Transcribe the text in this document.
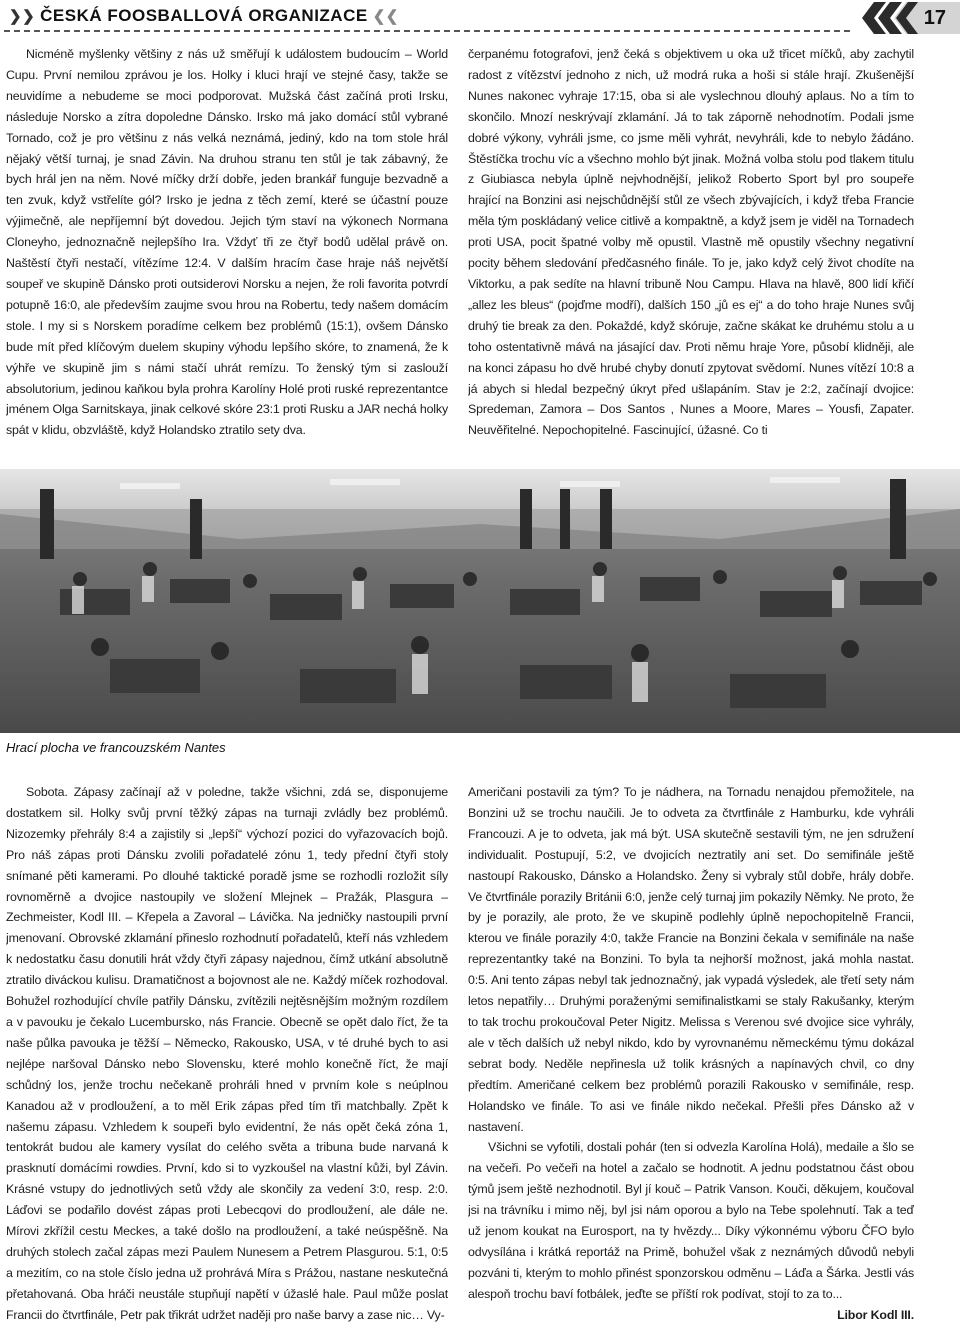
❯❯ ČESKÁ FOOSBALLOVÁ ORGANIZACE ❮❮	17

Nicméně myšlenky většiny z nás už směřují k událostem budoucím – World Cupu. První nemilou zprávou je los. Holky i kluci hrají ve stejné časy, takže se neuvidíme a nebudeme se moci podporovat. Mužská část začíná proti Irsku, následuje Norsko a zítra dopoledne Dánsko. Irsko má jako domácí stůl vybrané Tornado, což je pro většinu z nás velká neznámá, jediný, kdo na tom stole hrál nějaký větší turnaj, je snad Závin. Na druhou stranu ten stůl je tak zábavný, že bych hrál jen na něm. Nové míčky drží dobře, jeden brankář funguje bezvadně a ten zvuk, když vstřelíte gól? Irsko je jedna z těch zemí, které se účastní pouze výjimečně, ale nepříjemní být dovedou. Jejich tým staví na výkonech Normana Cloneyho, jednoznačně nejlepšího Ira. Vždyť tři ze čtyř bodů udělal právě on. Naštěstí čtyři nestačí, vítězíme 12:4. V dalším hracím čase hraje náš největší soupeř ve skupině Dánsko proti outsiderovi Norsku a nejen, že roli favorita potvrdí potupně 16:0, ale především zaujme svou hrou na Robertu, tedy našem domácím stole. I my si s Norskem poradíme celkem bez problémů (15:1), ovšem Dánsko bude mít před klíčovým duelem skupiny výhodu lepšího skóre, to znamená, že k výhře ve skupině jim s námi stačí uhrát remízu. To ženský tým si zaslouží absolutorium, jedinou kaňkou byla prohra Karolíny Holé proti ruské reprezentantce jménem Olga Sarnitskaya, jinak celkové skóre 23:1 proti Rusku a JAR nechá holky spát v klidu, obzvláště, když Holandsko ztratilo sety dva.

čerpanému fotografovi, jenž čeká s objektivem u oka už třicet míčků, aby zachytil radost z vítězství jednoho z nich, už modrá ruka a hoši si stále hrají. Zkušenější Nunes nakonec vyhraje 17:15, oba si ale vyslechnou dlouhý aplaus. No a tím to skončilo. Mnozí neskrývají zklamání. Já to tak záporně nehodnotím. Podali jsme dobré výkony, vyhráli jsme, co jsme měli vyhrát, nevyhráli, kde to nebylo žádáno. Štěstíčka trochu víc a všechno mohlo být jinak. Možná volba stolu pod tlakem titulu z Giubiasca nebyla úplně nejvhodnější, jelikož Roberto Sport byl pro soupeře hrající na Bonzini asi nejschůdnější stůl ze všech zbývajících, i když třeba Francie měla tým poskládaný velice citlivě a kompaktně, a když jsem je viděl na Tornadech proti USA, pocit špatné volby mě opustil. Vlastně mě opustily všechny negativní pocity během sledování předčasného finále. To je, jako když celý život chodíte na Viktorku, a pak sedíte na hlavní tribuně Nou Campu. Hlava na hlavě, 800 lidí křičí „allez les bleus“ (pojďme modří), dalších 150 „jů es ej“ a do toho hraje Nunes svůj druhý tie break za den. Pokaždé, když skóruje, začne skákat ke druhému stolu a u toho ostentativně mává na jásající dav. Proti němu hraje Yore, působí klidněji, ale na konci zápasu ho dvě hrubé chyby donutí zpytovat svědomí. Nunes vítězí 10:8 a já abych si hledal bezpečný úkryt před ušlapáním. Stav je 2:2, začínají dvojice: Spredeman, Zamora – Dos Santos , Nunes a Moore, Mares – Yousfi, Zapater. Neuvěřitelné. Nepochopitelné. Fascinující, úžasné. Co ti

Hrací plocha ve francouzském Nantes

Sobota. Zápasy začínají až v poledne, takže všichni, zdá se, disponujeme dostatkem sil. Holky svůj první těžký zápas na turnaji zvládly bez problémů. Nizozemky přehrály 8:4 a zajistily si „lepší“ výchozí pozici do vyřazovacích bojů. Pro náš zápas proti Dánsku zvolili pořadatelé zónu 1, tedy přední čtyři stoly snímané pěti kamerami. Po dlouhé taktické poradě jsme se rozhodli rozložit síly rovnoměrně a dvojice nastoupily ve složení Mlejnek – Pražák, Plasgura – Zechmeister, Kodl III. – Křepela a Zavoral – Lávička. Na jedničky nastoupili první jmenovaní. Obrovské zklamání přineslo rozhodnutí pořadatelů, kteří nás vzhledem k nedostatku času donutili hrát vždy čtyři zápasy najednou, čímž utkání absolutně ztratilo diváckou kulisu. Dramatičnost a bojovnost ale ne. Každý míček rozhodoval. Bohužel rozhodující chvíle patřily Dánsku, zvítězili nejtěsnějším možným rozdílem a v pavouku je čekalo Lucembursko, nás Francie. Obecně se opět dalo říct, že ta naše půlka pavouka je těžší – Německo, Rakousko, USA, v té druhé bych to asi nejlépe naršoval Dánsko nebo Slovensku, které mohlo konečně říct, že mají schůdný los, jenže trochu nečekaně prohráli hned v prvním kole s neúplnou Kanadou až v prodloužení, a to měl Erik zápas před tím tři matchbally. Zpět k našemu zápasu. Vzhledem k soupeři bylo evidentní, že nás opět čeká zóna 1, tentokrát budou ale kamery vysílat do celého světa a tribuna bude narvaná k prasknutí domácími rowdies. První, kdo si to vyzkoušel na vlastní kůži, byl Závin. Krásné vstupy do jednotlivých setů vždy ale skončily za vedení 3:0, resp. 2:0. Láďovi se podařilo dovést zápas proti Lebecqovi do prodloužení, ale dále ne. Mírovi zkřížil cestu Meckes, a také došlo na prodloužení, a také neúspěšně. Na druhých stolech začal zápas mezi Paulem Nunesem a Petrem Plasgurou. 5:1, 0:5 a mezitím, co na stole číslo jedna už prohrává Míra s Prážou, nastane neskutečná přetahovaná. Oba hráči neustále stupňují napětí v úžaslé hale. Paul může poslat Francii do čtvrtfinále, Petr pak třikrát udržet naději pro naše barvy a zase nic… Vy-

Američani postavili za tým? To je nádhera, na Tornadu nenajdou přemožitele, na Bonzini už se trochu naučili. Je to odveta za čtvrtfinále z Hamburku, kde vyhráli Francouzi. A je to odveta, jak má být. USA skutečně sestavili tým, ne jen sdružení individualit. Postupují, 5:2, ve dvojicích neztratily ani set. Do semifinále ještě nastoupí Rakousko, Dánsko a Holandsko. Ženy si vybraly stůl dobře, hrály dobře. Ve čtvrtfinále porazily Británii 6:0, jenže celý turnaj jim pokazily Němky. Ne proto, že by je porazily, ale proto, že ve skupině podlehly úplně nepochopitelně Francii, kterou ve finále porazily 4:0, takže Francie na Bonzini čekala v semifinále na naše reprezentantky také na Bonzini. To byla ta nejhorší možnost, jaká mohla nastat. 0:5. Ani tento zápas nebyl tak jednoznačný, jak vypadá výsledek, ale třetí sety nám letos nepatřily… Druhými poraženými semifinalistkami se staly Rakušanky, kterým to tak trochu prokoučoval Peter Nigitz. Melissa s Verenou své dvojice sice vyhrály, ale v těch dalších už nebyl nikdo, kdo by vyrovnanému německému týmu dokázal sebrat body. Neděle nepřinesla už tolik krásných a napínavých chvil, co dny předtím. Američané celkem bez problémů porazili Rakousko v semifinále, resp. Holandsko ve finále. To asi ve finále nikdo nečekal. Přešli přes Dánsko až v nastavení.

Všichni se vyfotili, dostali pohár (ten si odvezla Karolína Holá), medaile a šlo se na večeři. Po večeři na hotel a začalo se hodnotit. A jednu podstatnou část obou týmů jsem ještě nezhodnotil. Byl jí kouč – Patrik Vanson. Kouči, děkujem, koučoval jsi na trávníku i mimo něj, byl jsi nám oporou a bylo na Tebe spolehnutí. Tak a teď už jenom koukat na Eurosport, na ty hvězdy... Díky výkonnému výboru ČFO bylo odvysílána i krátká reportáž na Primě, bohužel však z neznámých důvodů nebyli pozváni ti, kterým to mohlo přinést sponzorskou odměnu – Láďa a Šárka. Jestli vás alespoň trochu baví fotbálek, jeďte se příští rok podívat, stojí to za to...

Libor Kodl III.
